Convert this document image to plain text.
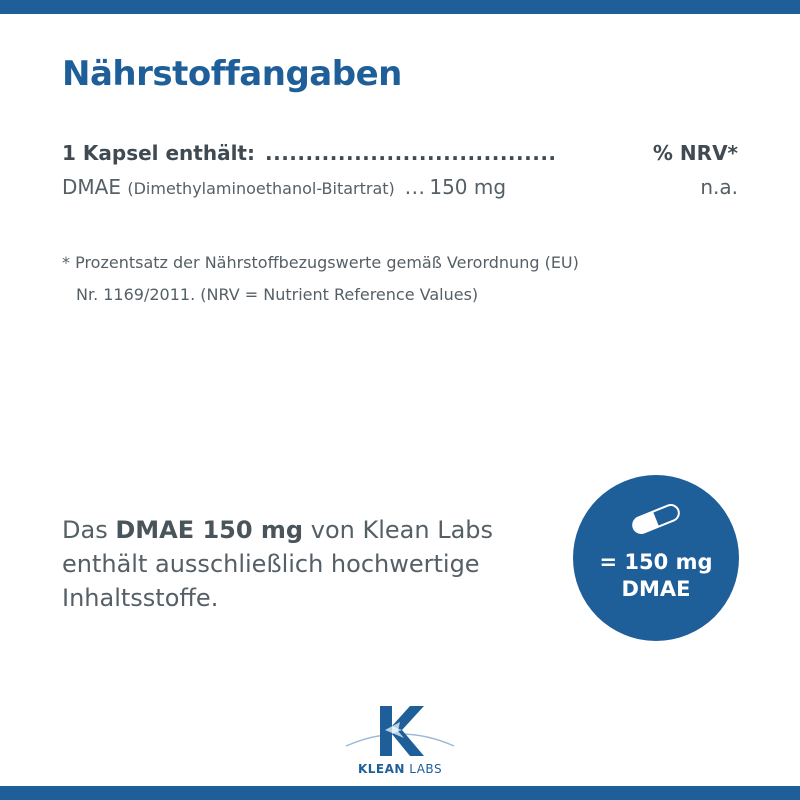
Nährstoffangaben
1 Kapsel enthält: ....................................	% NRV*
DMAE (Dimethylaminoethanol-Bitartrat) ... 150 mg	n.a.
* Prozentsatz der Nährstoffbezugswerte gemäß Verordnung (EU)
Nr. 1169/2011. (NRV = Nutrient Reference Values)
Das DMAE 150 mg von Klean Labs enthält ausschließlich hochwertige Inhaltsstoffe.
= 150 mg
DMAE
KLEAN LABS
